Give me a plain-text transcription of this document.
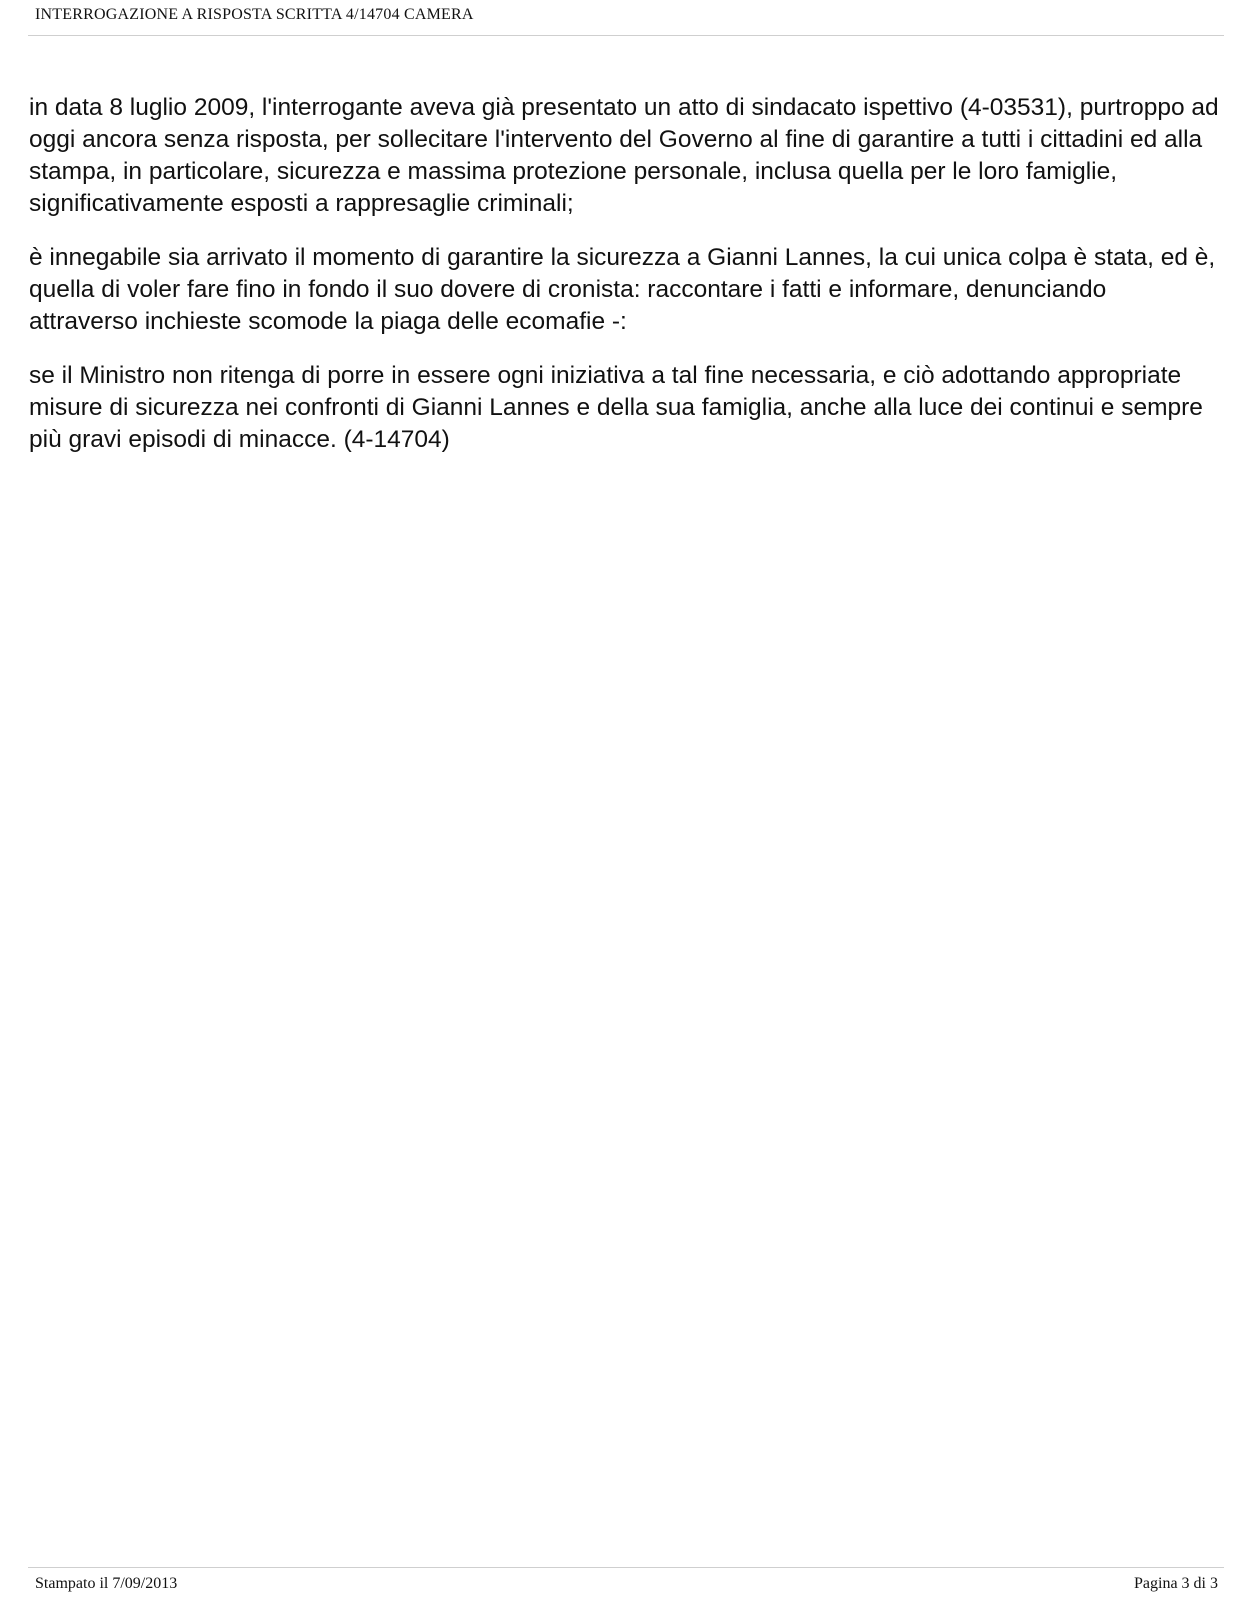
INTERROGAZIONE A RISPOSTA SCRITTA 4/14704 CAMERA

in data 8 luglio 2009, l'interrogante aveva già presentato un atto di sindacato ispettivo (4-03531), purtroppo ad oggi ancora senza risposta, per sollecitare l'intervento del Governo al fine di garantire a tutti i cittadini ed alla stampa, in particolare, sicurezza e massima protezione personale, inclusa quella per le loro famiglie, significativamente esposti a rappresaglie criminali;

è innegabile sia arrivato il momento di garantire la sicurezza a Gianni Lannes, la cui unica colpa è stata, ed è, quella di voler fare fino in fondo il suo dovere di cronista: raccontare i fatti e informare, denunciando attraverso inchieste scomode la piaga delle ecomafie -:

se il Ministro non ritenga di porre in essere ogni iniziativa a tal fine necessaria, e ciò adottando appropriate misure di sicurezza nei confronti di Gianni Lannes e della sua famiglia, anche alla luce dei continui e sempre più gravi episodi di minacce. (4-14704)

Stampato il 7/09/2013	Pagina 3 di 3
